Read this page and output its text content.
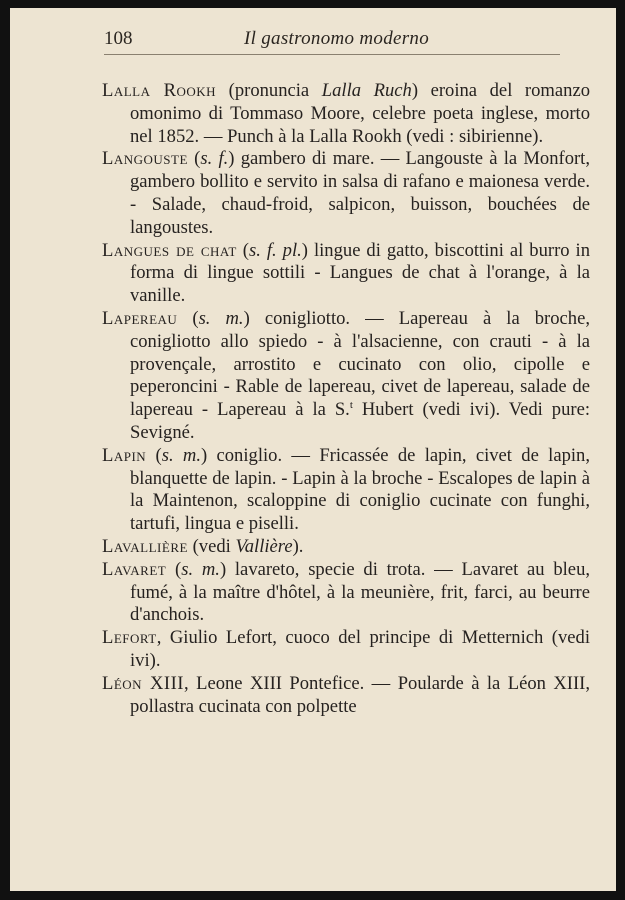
108	Il gastronomo moderno

Lalla Rookh (pronuncia Lalla Ruch) eroina del romanzo omonimo di Tommaso Moore, celebre poeta inglese, morto nel 1852. — Punch à la Lalla Rookh (vedi : sibirienne).

Langouste (s. f.) gambero di mare. — Langouste à la Monfort, gambero bollito e servito in salsa di rafano e maionesa verde. - Salade, chaud-froid, salpicon, buisson, bouchées de langoustes.

Langues de chat (s. f. pl.) lingue di gatto, biscottini al burro in forma di lingue sottili - Langues de chat à l'orange, à la vanille.

Lapereau (s. m.) conigliotto. — Lapereau à la broche, conigliotto allo spiedo - à l'alsacienne, con crauti - à la provençale, arrostito e cucinato con olio, cipolle e peperoncini - Rable de lapereau, civet de lapereau, salade de lapereau - Lapereau à la S.$^t$ Hubert (vedi ivi). Vedi pure: Sevigné.

Lapin (s. m.) coniglio. — Fricassée de lapin, civet de lapin, blanquette de lapin. - Lapin à la broche - Escalopes de lapin à la Maintenon, scaloppine di coniglio cucinate con funghi, tartufi, lingua e piselli.

Lavallière (vedi Vallière).

Lavaret (s. m.) lavareto, specie di trota. — Lavaret au bleu, fumé, à la maître d'hôtel, à la meunière, frit, farci, au beurre d'anchois.

Lefort, Giulio Lefort, cuoco del principe di Metternich (vedi ivi).

Léon XIII, Leone XIII Pontefice. — Poularde à la Léon XIII, pollastra cucinata con polpette
